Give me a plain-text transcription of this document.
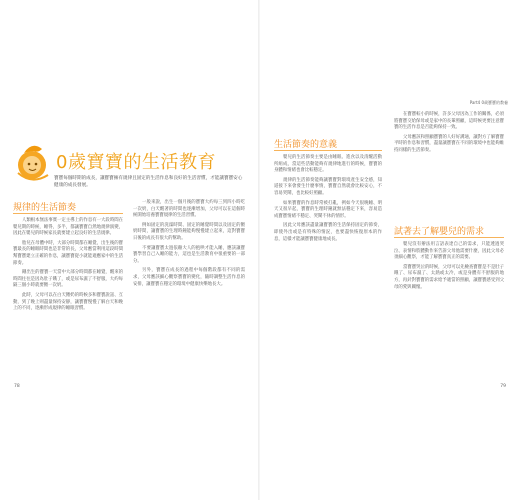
0歲寶寶的生活教育
寶寶每個時期的成長，讓寶寶擁有規律且固定的生活作息和良好的生活習慣，才能讓寶寶安心健康的成長發展。
規律的生活節奏

人類根本無法事實一定主導上的作息有一大段時間在嬰兒期的時候，睡得，多半，都讓寶寶自然地規律演變，因此在嬰兒的時候家長就要建立起良好的生活規律。

胎兒在母體中時，大部分時間都在睡覺，出生後的寶寶最長的睡眠時間也是非常的長，父母應當利用這段時間幫寶寶建立正確的作息，讓寶寶從小就能適應家中的生活節奏。

剛出生的寶寶一天當中大部分時間都在睡覺，醒來的時間往往是因為肚子餓了，或是尿布濕了不舒服，大約每隔三個小時就要餵一次奶。

此時，父母可以在白天餵奶的時候多和寶寶說話、互動，到了晚上則盡量保持安靜，讓寶寶慢慢了解白天和晚上的不同，逐漸形成規律的睡眠習慣。

一般來說，出生一個月後的寶寶大約每三到四小時吃一次奶，白天醒著的時間也逐漸增加，父母可以在這個時候開始培養寶寶規律的生活習慣。

例如固定的洗澡時間、固定的睡覺時間以及固定的餵奶時間，讓寶寶的生理時鐘能夠慢慢建立起來，這對寶寶日後的成長有很大的幫助。

不要讓寶寶太過依賴大人的抱哄才能入睡，應該讓寶寶學習自己入睡的能力，這也是生活教育中很重要的一部分。

另外，寶寶在成長的過程中每個階段都有不同的需求，父母應該細心觀察寶寶的變化，隨時調整生活作息的安排，讓寶寶在穩定的環境中健康快樂地長大。

78
Part4 0歲寶寶的教養
生活節奏的意義

嬰兒的生活節奏主要是由睡眠、進食以及清醒活動所組成，當這些活動能夠有規律地進行的時候，寶寶的身體和情緒也會比較穩定。

規律的生活節奏能夠讓寶寶對環境產生安全感，知道接下來會發生什麼事情，寶寶自然就會比較安心，不容易哭鬧，也比較好照顧。

如果寶寶的作息時常被打亂，例如今天很晚睡、明天又很早起，寶寶的生理時鐘就無法穩定下來，容易造成寶寶情緒不穩定、哭鬧不休的情形。

因此父母應該盡量讓寶寶的生活保持固定的節奏，即使外出或是有特殊的情況，也要盡快恢復原本的作息，這樣才能讓寶寶健康地成長。

在寶寶較小的時候，許多父母因為工作的關係，必須將寶寶交給保母或是家中的長輩照顧，這時候更要注意寶寶的生活作息是否能夠保持一致。

父母應該和照顧寶寶的人好好溝通，讓對方了解寶寶平時的作息和習慣，盡量讓寶寶在不同的環境中也能夠維持同樣的生活節奏。

試著去了解嬰兒的需求

嬰兒沒有辦法用言語表達自己的需求，只能透過哭泣、表情和肢體動作來告訴父母他需要什麼，因此父母必須細心觀察，才能了解寶寶真正的需要。

當寶寶哭泣的時候，父母可以先檢查寶寶是不是肚子餓了、尿布濕了、太熱或太冷，或是身體有不舒服的地方，再針對寶寶的需求給予適當的照顧，讓寶寶感受到父母的愛與關懷。

79
